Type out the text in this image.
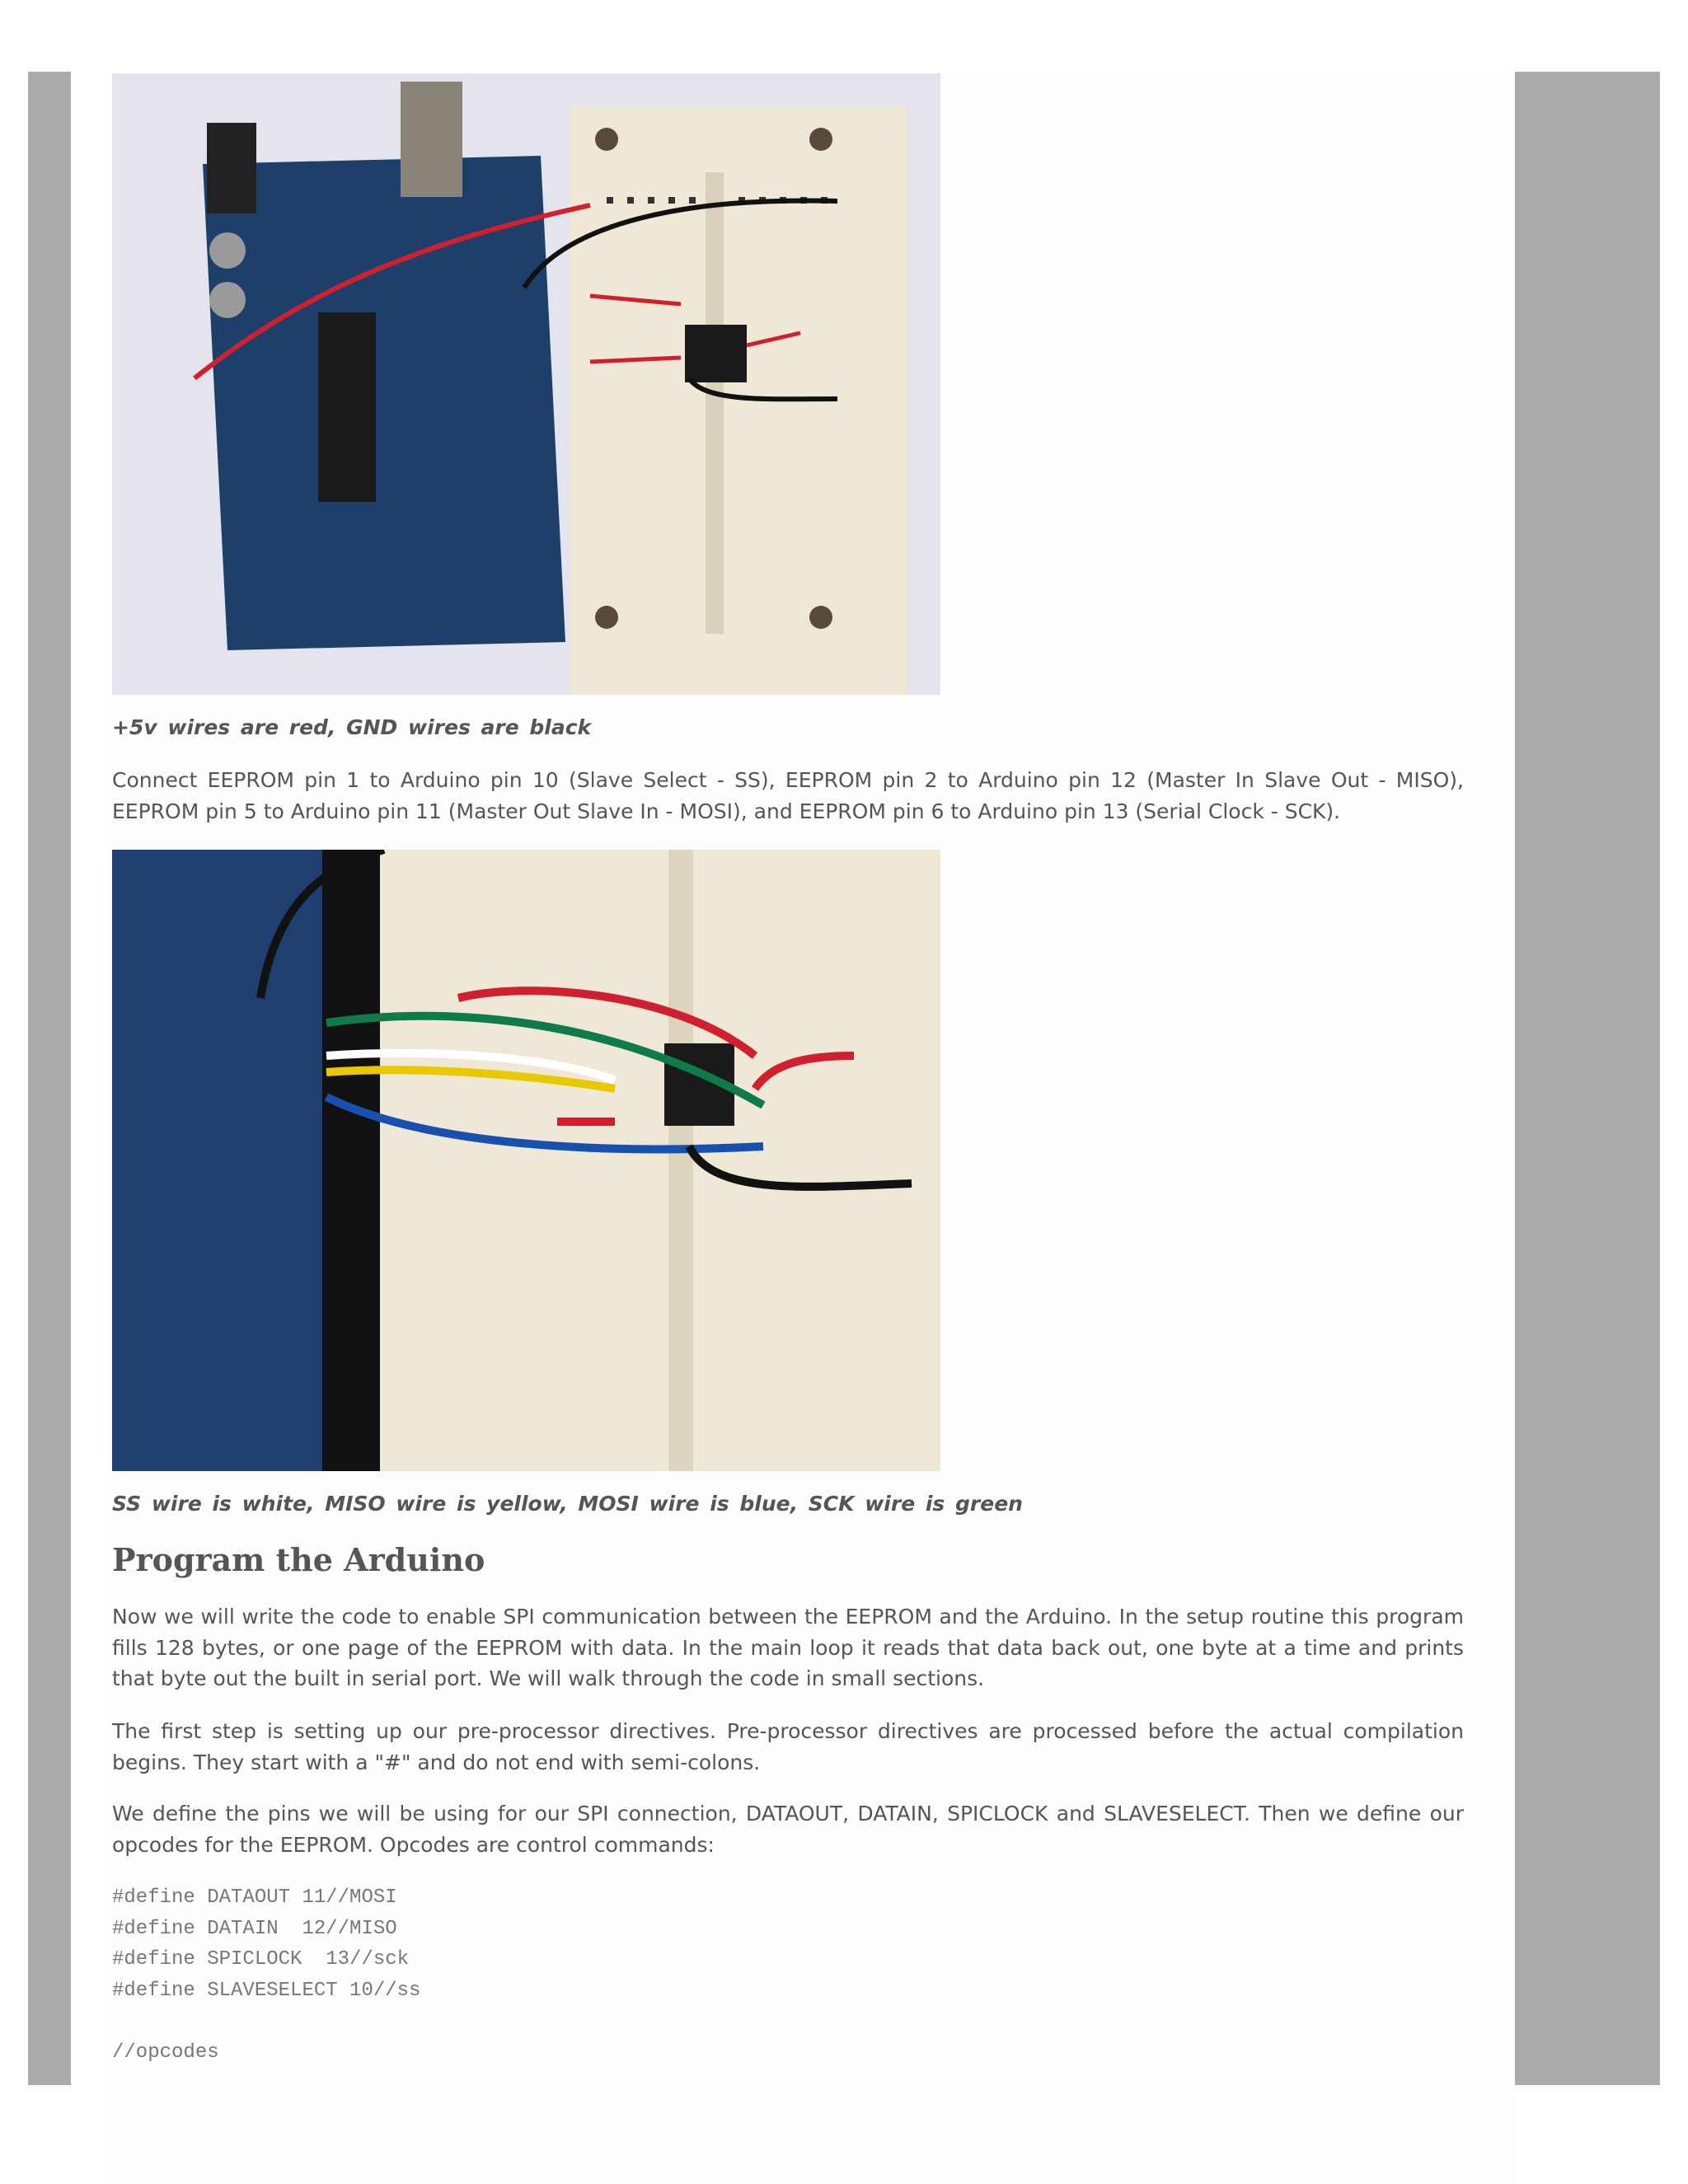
+5v wires are red, GND wires are black
Connect EEPROM pin 1 to Arduino pin 10 (Slave Select - SS), EEPROM pin 2 to Arduino pin 12 (Master In Slave Out - MISO), EEPROM pin 5 to Arduino pin 11 (Master Out Slave In - MOSI), and EEPROM pin 6 to Arduino pin 13 (Serial Clock - SCK).
SS wire is white, MISO wire is yellow, MOSI wire is blue, SCK wire is green
Program the Arduino
Now we will write the code to enable SPI communication between the EEPROM and the Arduino. In the setup routine this program fills 128 bytes, or one page of the EEPROM with data. In the main loop it reads that data back out, one byte at a time and prints that byte out the built in serial port. We will walk through the code in small sections.
The first step is setting up our pre-processor directives. Pre-processor directives are processed before the actual compilation begins. They start with a "#" and do not end with semi-colons.
We define the pins we will be using for our SPI connection, DATAOUT, DATAIN, SPICLOCK and SLAVESELECT. Then we define our opcodes for the EEPROM. Opcodes are control commands:
#define DATAOUT 11//MOSI
#define DATAIN  12//MISO
#define SPICLOCK  13//sck
#define SLAVESELECT 10//ss

//opcodes
